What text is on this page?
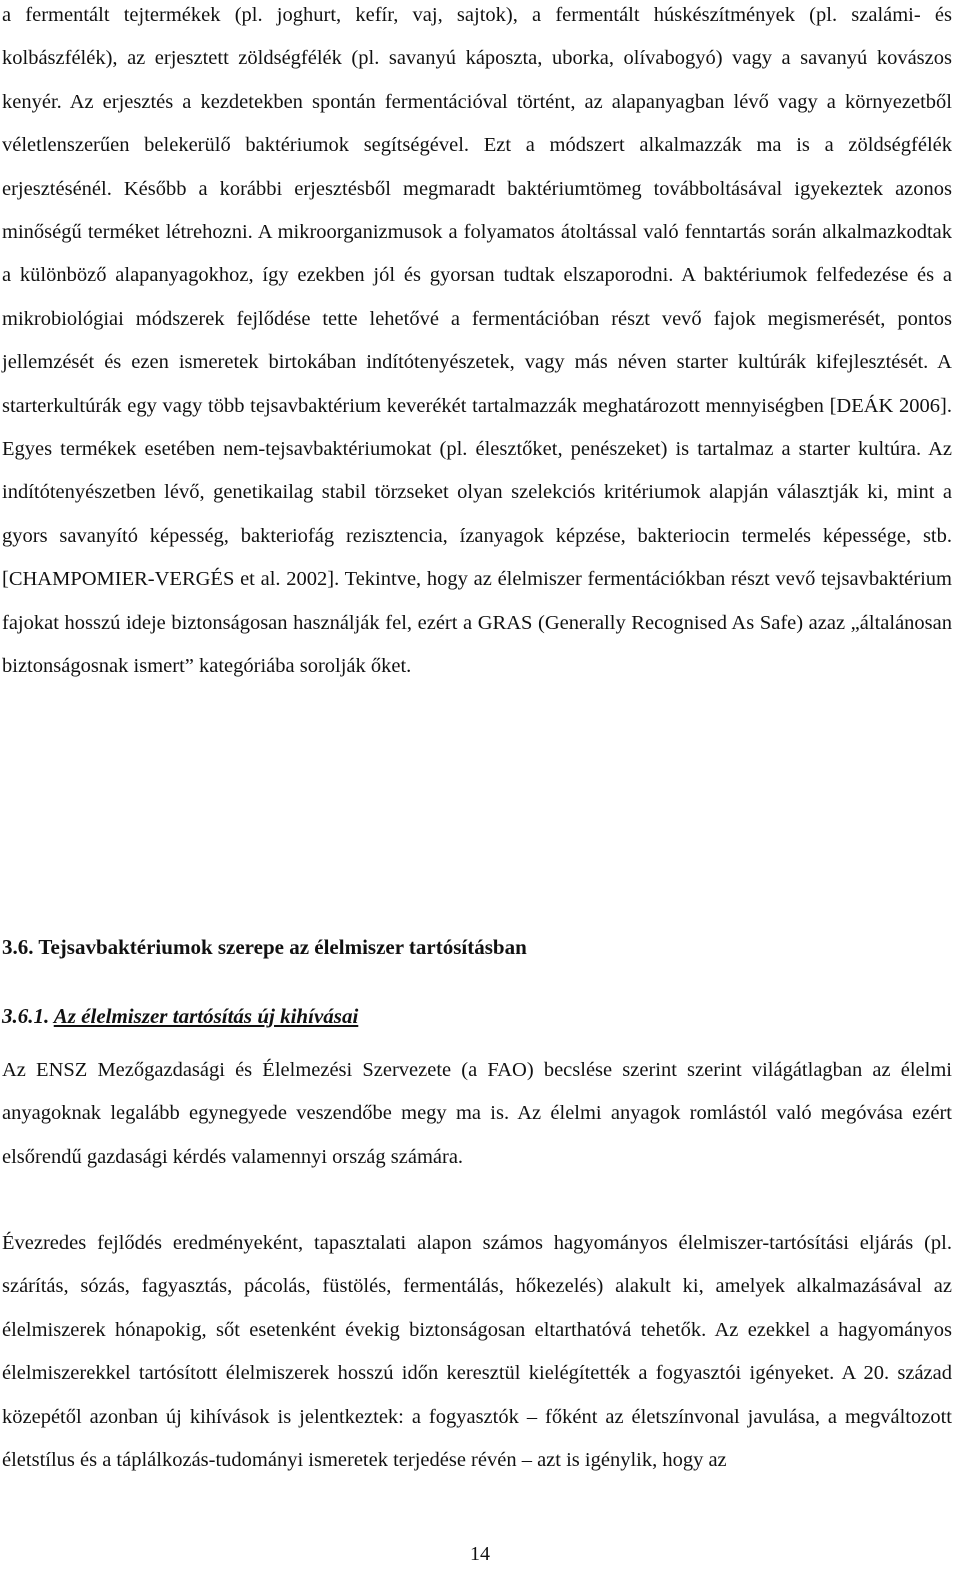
a fermentált tejtermékek (pl. joghurt, kefír, vaj, sajtok), a fermentált húskészítmények (pl. szalámi- és kolbászfélék), az erjesztett zöldségfélék (pl. savanyú káposzta, uborka, olívabogyó) vagy a savanyú kovászos kenyér. Az erjesztés a kezdetekben spontán fermentációval történt, az alapanyagban lévő vagy a környezetből véletlenszerűen belekerülő baktériumok segítségével. Ezt a módszert alkalmazzák ma is a zöldségfélék erjesztésénél. Később a korábbi erjesztésből megmaradt baktériumtömeg továbboltásával igyekeztek azonos minőségű terméket létrehozni. A mikroorganizmusok a folyamatos átoltással való fenntartás során alkalmazkodtak a különböző alapanyagokhoz, így ezekben jól és gyorsan tudtak elszaporodni. A baktériumok felfedezése és a mikrobiológiai módszerek fejlődése tette lehetővé a fermentációban részt vevő fajok megismerését, pontos jellemzését és ezen ismeretek birtokában indítótenyészetek, vagy más néven starter kultúrák kifejlesztését. A starterkultúrák egy vagy több tejsavbaktérium keverékét tartalmazzák meghatározott mennyiségben [DEÁK 2006]. Egyes termékek esetében nem-tejsavbaktériumokat (pl. élesztőket, penészeket) is tartalmaz a starter kultúra. Az indítótenyészetben lévő, genetikailag stabil törzseket olyan szelekciós kritériumok alapján választják ki, mint a gyors savanyító képesség, bakteriofág rezisztencia, ízanyagok képzése, bakteriocin termelés képessége, stb. [CHAMPOMIER-VERGÉS et al. 2002]. Tekintve, hogy az élelmiszer fermentációkban részt vevő tejsavbaktérium fajokat hosszú ideje biztonságosan használják fel, ezért a GRAS (Generally Recognised As Safe) azaz „általánosan biztonságosnak ismert” kategóriába sorolják őket.

3.6. Tejsavbaktériumok szerepe az élelmiszer tartósításban
3.6.1. Az élelmiszer tartósítás új kihívásai

Az ENSZ Mezőgazdasági és Élelmezési Szervezete (a FAO) becslése szerint szerint világátlagban az élelmi anyagoknak legalább egynegyede veszendőbe megy ma is. Az élelmi anyagok romlástól való megóvása ezért elsőrendű gazdasági kérdés valamennyi ország számára.

Évezredes fejlődés eredményeként, tapasztalati alapon számos hagyományos élelmiszer-tartósítási eljárás (pl. szárítás, sózás, fagyasztás, pácolás, füstölés, fermentálás, hőkezelés) alakult ki, amelyek alkalmazásával az élelmiszerek hónapokig, sőt esetenként évekig biztonságosan eltarthatóvá tehetők. Az ezekkel a hagyományos élelmiszerekkel tartósított élelmiszerek hosszú időn keresztül kielégítették a fogyasztói igényeket. A 20. század közepétől azonban új kihívások is jelentkeztek: a fogyasztók – főként az életszínvonal javulása, a megváltozott életstílus és a táplálkozás-tudományi ismeretek terjedése révén – azt is igénylik, hogy az

14
